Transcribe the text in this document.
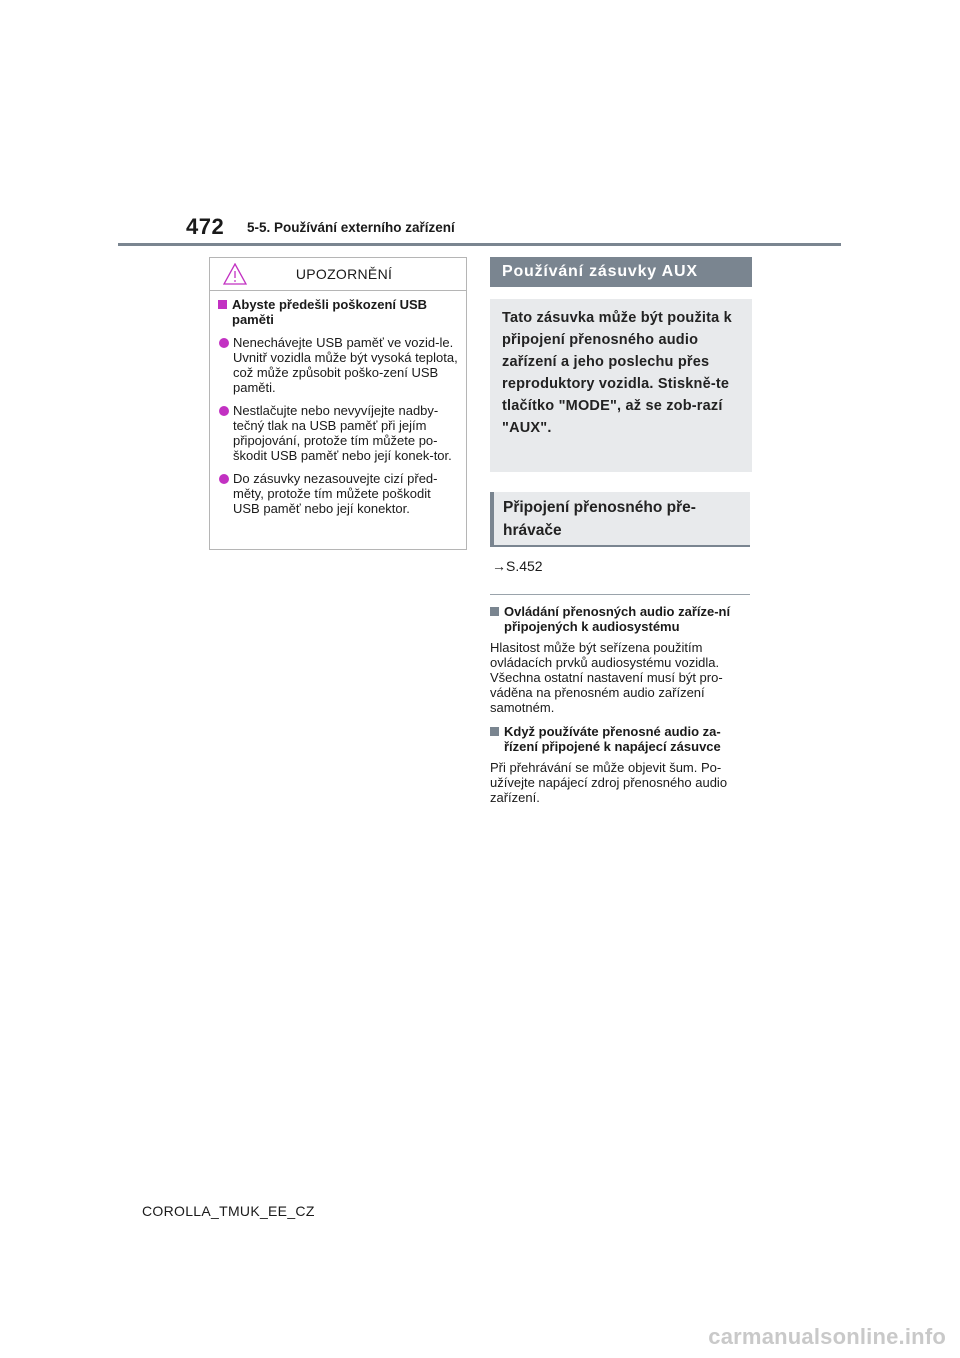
472 5-5. Používání externího zařízení
UPOZORNĚNÍ
Abyste předešli poškození USB paměti
Nenechávejte USB paměť ve vozid-le. Uvnitř vozidla může být vysoká teplota, což může způsobit poško-zení USB paměti.
Nestlačujte nebo nevyvíjejte nadby-tečný tlak na USB paměť při jejím připojování, protože tím můžete po-škodit USB paměť nebo její konek-tor.
Do zásuvky nezasouvejte cizí před-měty, protože tím můžete poškodit USB paměť nebo její konektor.
Používání zásuvky AUX
Tato zásuvka může být použita k připojení přenosného audio zařízení a jeho poslechu přes reproduktory vozidla. Stiskně-te tlačítko "MODE", až se zob-razí "AUX".
Připojení přenosného pře-hrávače
→S.452
Ovládání přenosných audio zaříze-ní připojených k audiosystému
Hlasitost může být seřízena použitím ovládacích prvků audiosystému vozidla. Všechna ostatní nastavení musí být pro-váděna na přenosném audio zařízení samotném.
Když používáte přenosné audio za-řízení připojené k napájecí zásuvce
Při přehrávání se může objevit šum. Po-užívejte napájecí zdroj přenosného audio zařízení.
COROLLA_TMUK_EE_CZ
carmanualsonline.info
